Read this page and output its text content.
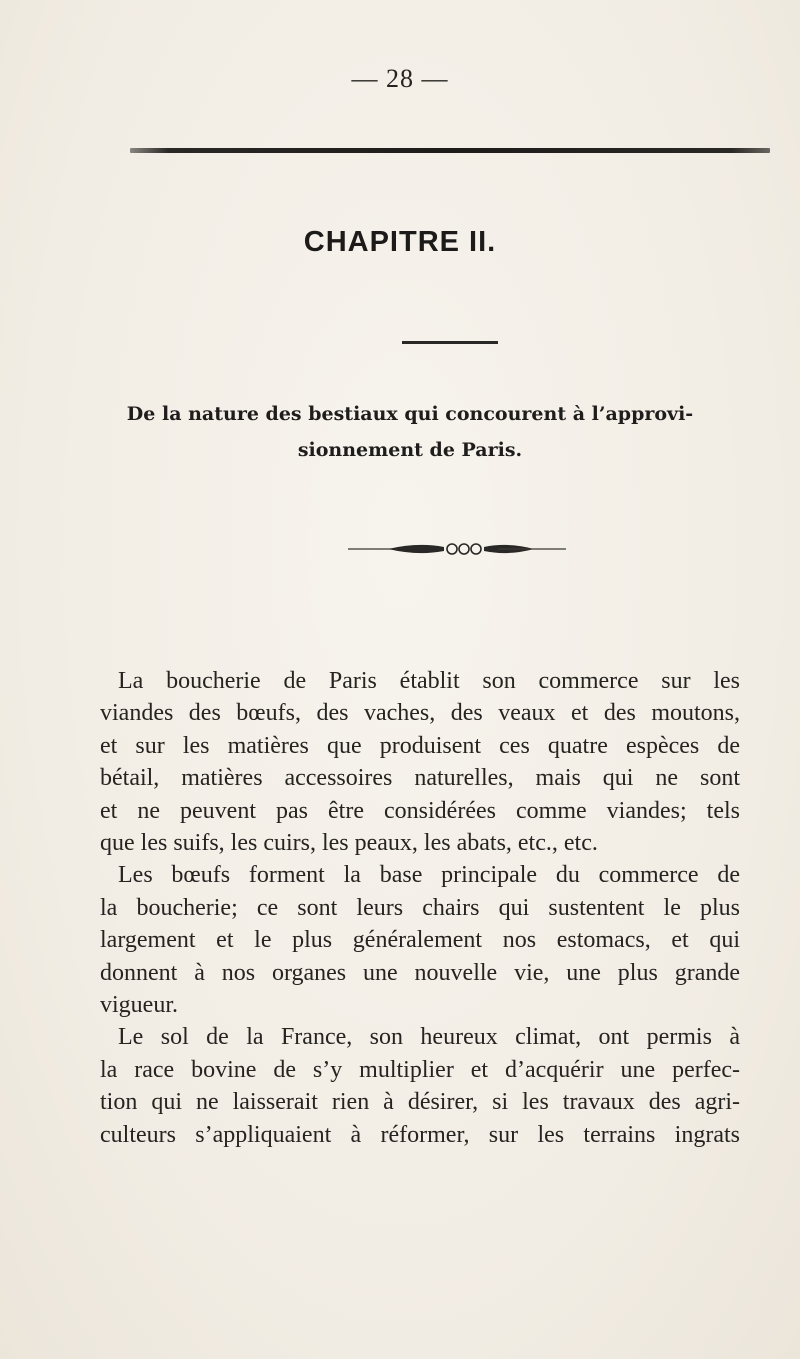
— 28 —
CHAPITRE II.
De la nature des bestiaux qui concourent à l’approvi-
sionnement de Paris.
La boucherie de Paris établit son commerce sur les
viandes des bœufs, des vaches, des veaux et des moutons,
et sur les matières que produisent ces quatre espèces de
bétail, matières accessoires naturelles, mais qui ne sont
et ne peuvent pas être considérées comme viandes; tels
que les suifs, les cuirs, les peaux, les abats, etc., etc.
Les bœufs forment la base principale du commerce de
la boucherie; ce sont leurs chairs qui sustentent le plus
largement et le plus généralement nos estomacs, et qui
donnent à nos organes une nouvelle vie, une plus grande
vigueur.
Le sol de la France, son heureux climat, ont permis à
la race bovine de s’y multiplier et d’acquérir une perfec-
tion qui ne laisserait rien à désirer, si les travaux des agri-
culteurs s’appliquaient à réformer, sur les terrains ingrats
